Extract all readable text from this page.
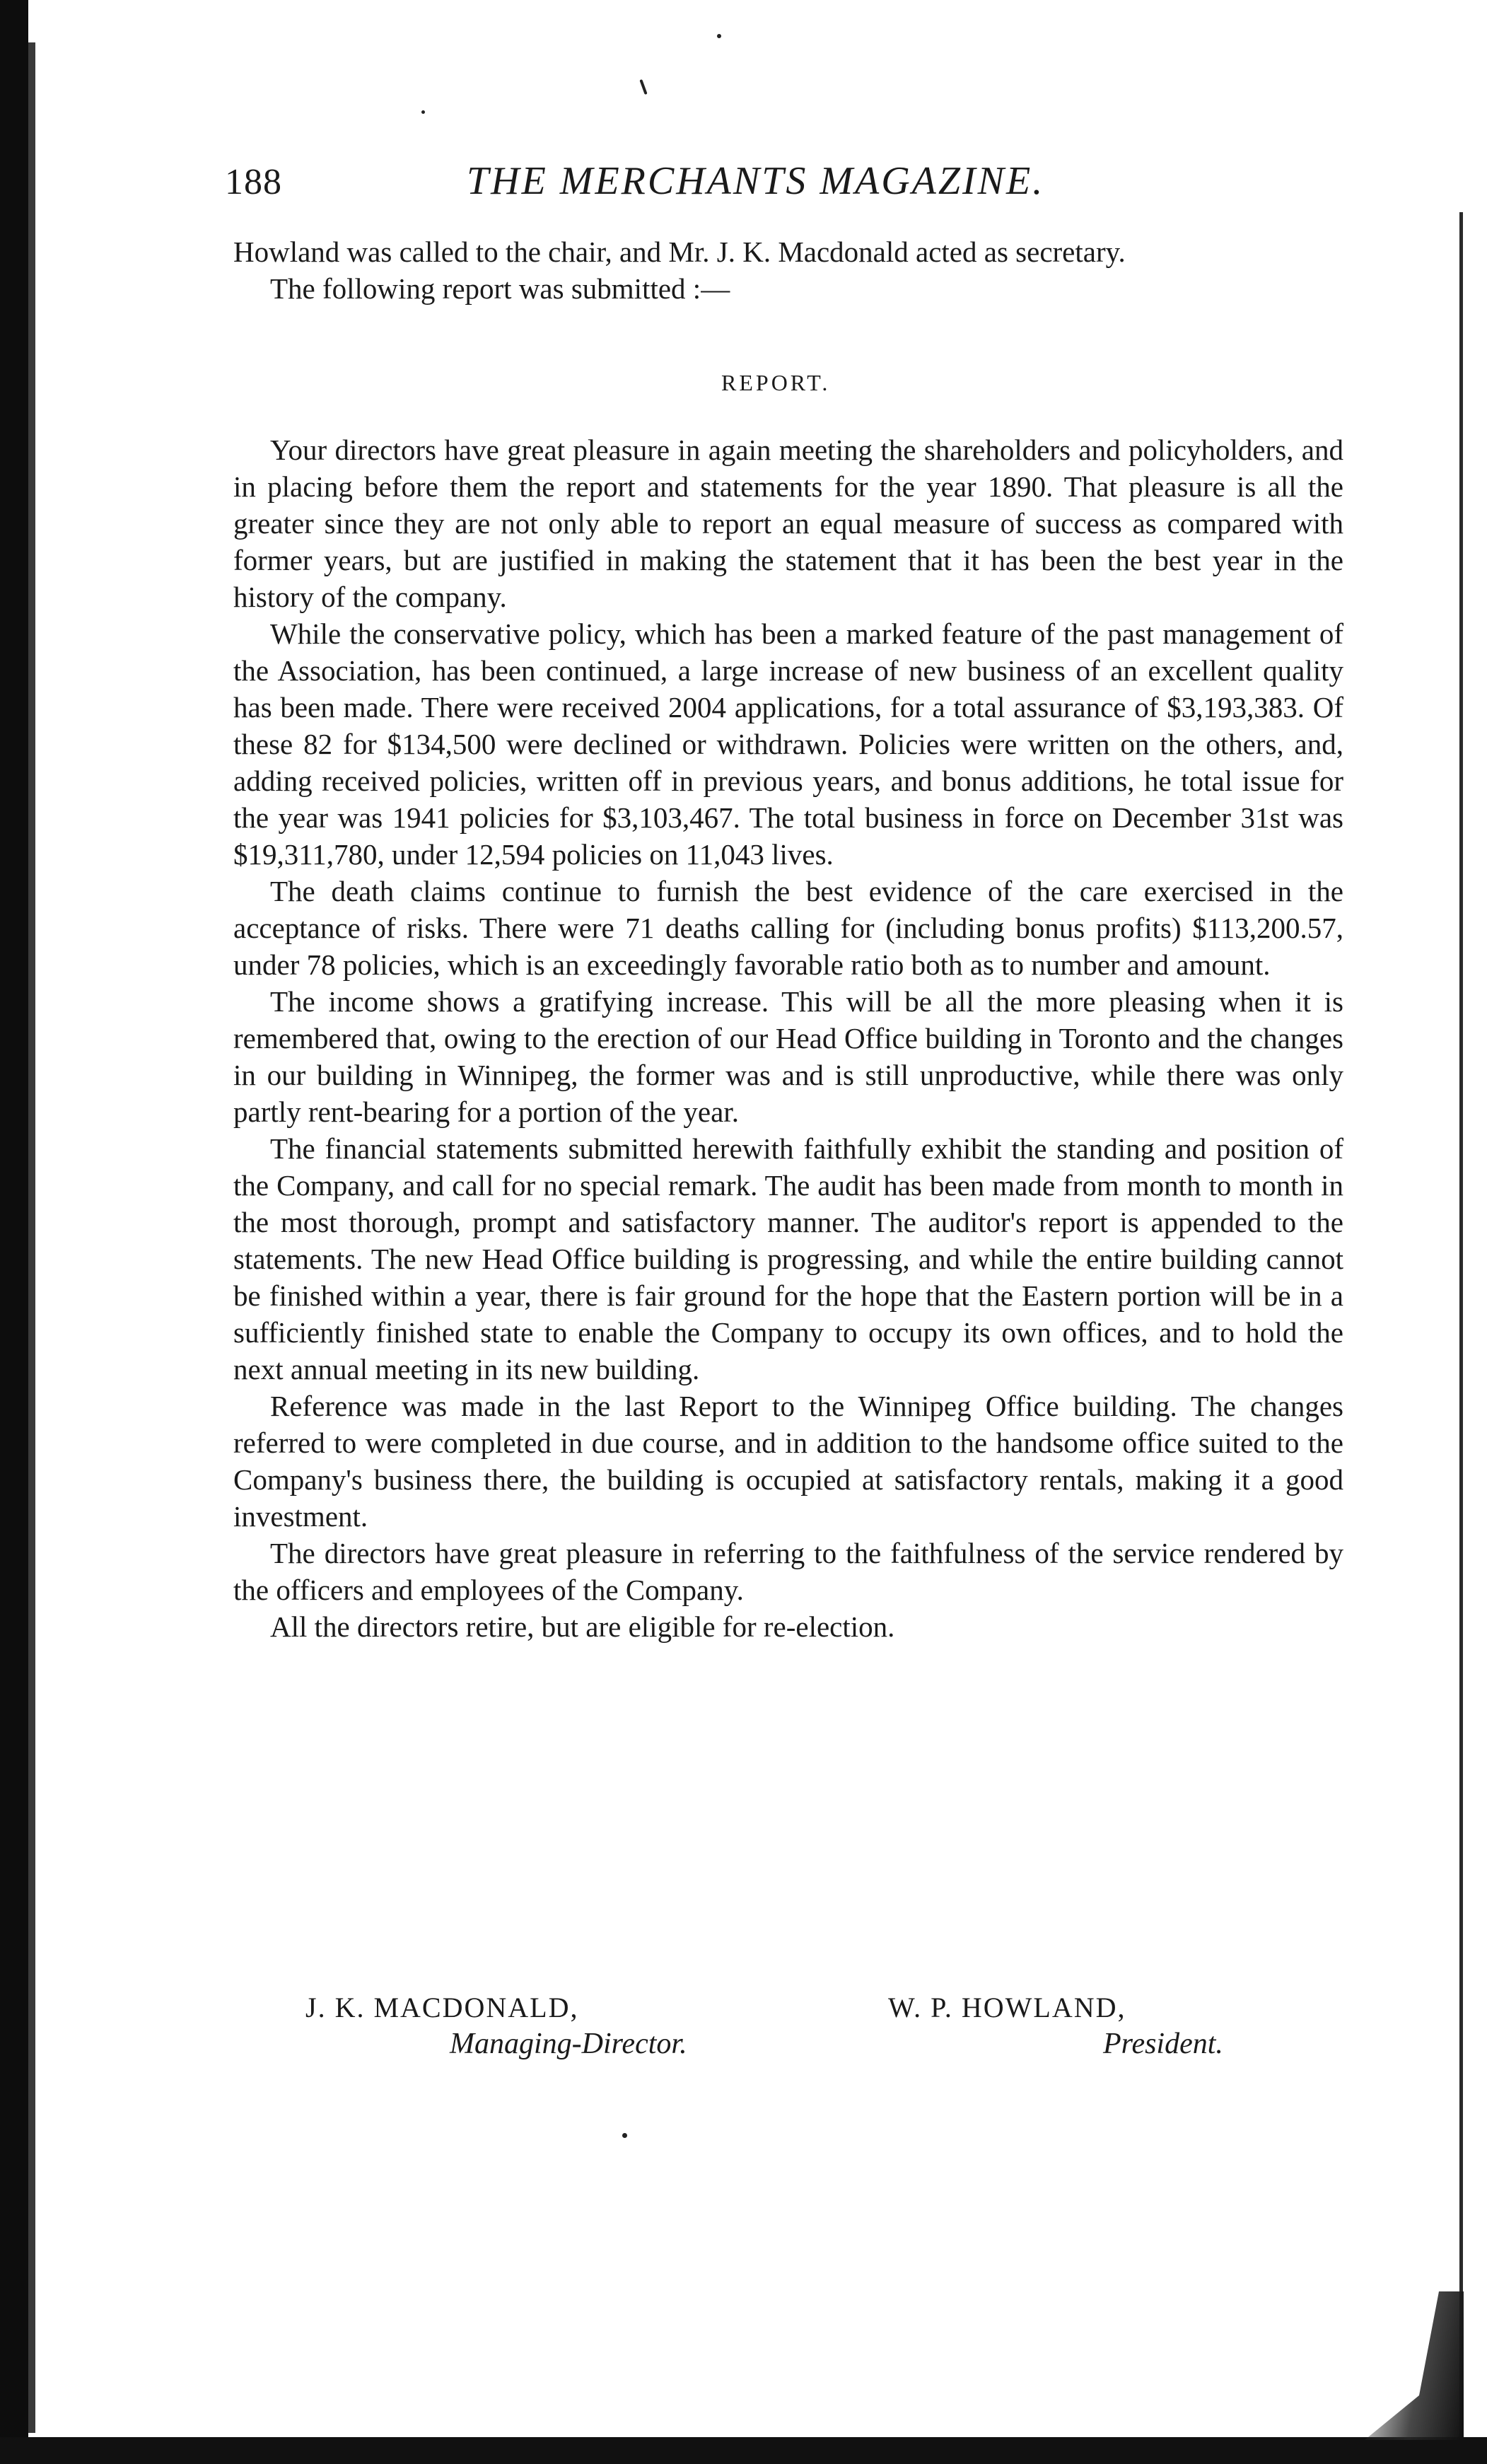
188	THE MERCHANTS MAGAZINE.

Howland was called to the chair, and Mr. J. K. Macdonald acted as secretary.

The following report was submitted :—

REPORT.

Your directors have great pleasure in again meeting the shareholders and policyholders, and in placing before them the report and statements for the year 1890. That pleasure is all the greater since they are not only able to report an equal measure of success as compared with former years, but are justified in making the statement that it has been the best year in the history of the company.

While the conservative policy, which has been a marked feature of the past management of the Association, has been continued, a large increase of new business of an excellent quality has been made. There were received 2004 applications, for a total assurance of $3,193,383. Of these 82 for $134,500 were declined or withdrawn. Policies were written on the others, and, adding received policies, written off in previous years, and bonus additions, he total issue for the year was 1941 policies for $3,103,467. The total business in force on December 31st was $19,311,780, under 12,594 policies on 11,043 lives.

The death claims continue to furnish the best evidence of the care exercised in the acceptance of risks. There were 71 deaths calling for (including bonus profits) $113,200.57, under 78 policies, which is an exceedingly favorable ratio both as to number and amount.

The income shows a gratifying increase. This will be all the more pleasing when it is remembered that, owing to the erection of our Head Office building in Toronto and the changes in our building in Winnipeg, the former was and is still unproductive, while there was only partly rent-bearing for a portion of the year.

The financial statements submitted herewith faithfully exhibit the standing and position of the Company, and call for no special remark. The audit has been made from month to month in the most thorough, prompt and satisfactory manner. The auditor's report is appended to the statements. The new Head Office building is progressing, and while the entire building cannot be finished within a year, there is fair ground for the hope that the Eastern portion will be in a sufficiently finished state to enable the Company to occupy its own offices, and to hold the next annual meeting in its new building.

Reference was made in the last Report to the Winnipeg Office building. The changes referred to were completed in due course, and in addition to the handsome office suited to the Company's business there, the building is occupied at satisfactory rentals, making it a good investment.

The directors have great pleasure in referring to the faithfulness of the service rendered by the officers and employees of the Company.

All the directors retire, but are eligible for re-election.

J. K. MACDONALD,
Managing-Director.
W. P. HOWLAND,
President.
